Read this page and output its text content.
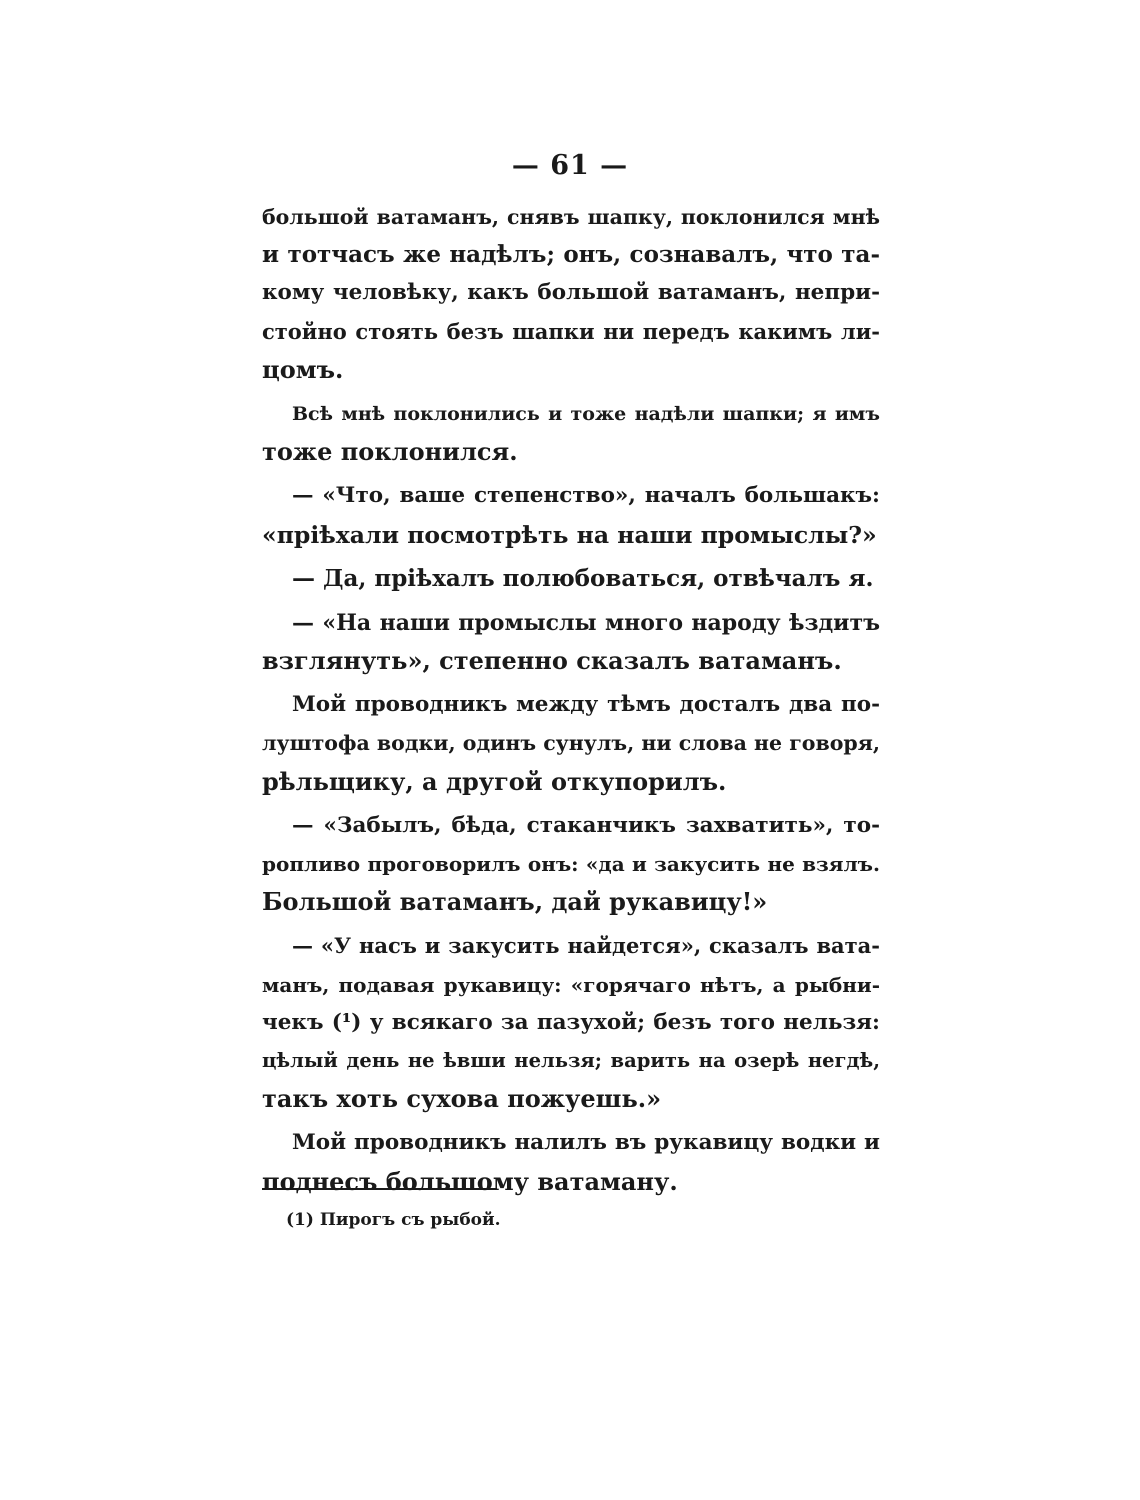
— 61 —
большой ватаманъ, снявъ шапку, поклонился мнѣ
и тотчасъ же надѣлъ; онъ, сознавалъ, что та-
кому человѣку, какъ большой ватаманъ, непри-
стойно стоять безъ шапки ни передъ какимъ ли-
цомъ.
Всѣ мнѣ поклонились и тоже надѣли шапки; я имъ
тоже поклонился.
— «Что, ваше степенство», началъ большакъ:
«пріѣхали посмотрѣть на наши промыслы?»
— Да, пріѣхалъ полюбоваться, отвѣчалъ я.
— «На наши промыслы много народу ѣздитъ
взглянуть», степенно сказалъ ватаманъ.
Мой проводникъ между тѣмъ досталъ два по-
луштофа водки, одинъ сунулъ, ни слова не говоря,
рѣльщику, а другой откупорилъ.
— «Забылъ, бѣда, стаканчикъ захватить», то-
ропливо проговорилъ онъ: «да и закусить не взялъ.
Большой ватаманъ, дай рукавицу!»
— «У насъ и закусить найдется», сказалъ вата-
манъ, подавая рукавицу: «горячаго нѣтъ, а рыбни-
чекъ (¹) у всякаго за пазухой; безъ того нельзя:
цѣлый день не ѣвши нельзя; варить на озерѣ негдѣ,
такъ хоть сухова пожуешь.»
Мой проводникъ налилъ въ рукавицу водки и
поднесъ большому ватаману.
(1) Пирогъ съ рыбой.
